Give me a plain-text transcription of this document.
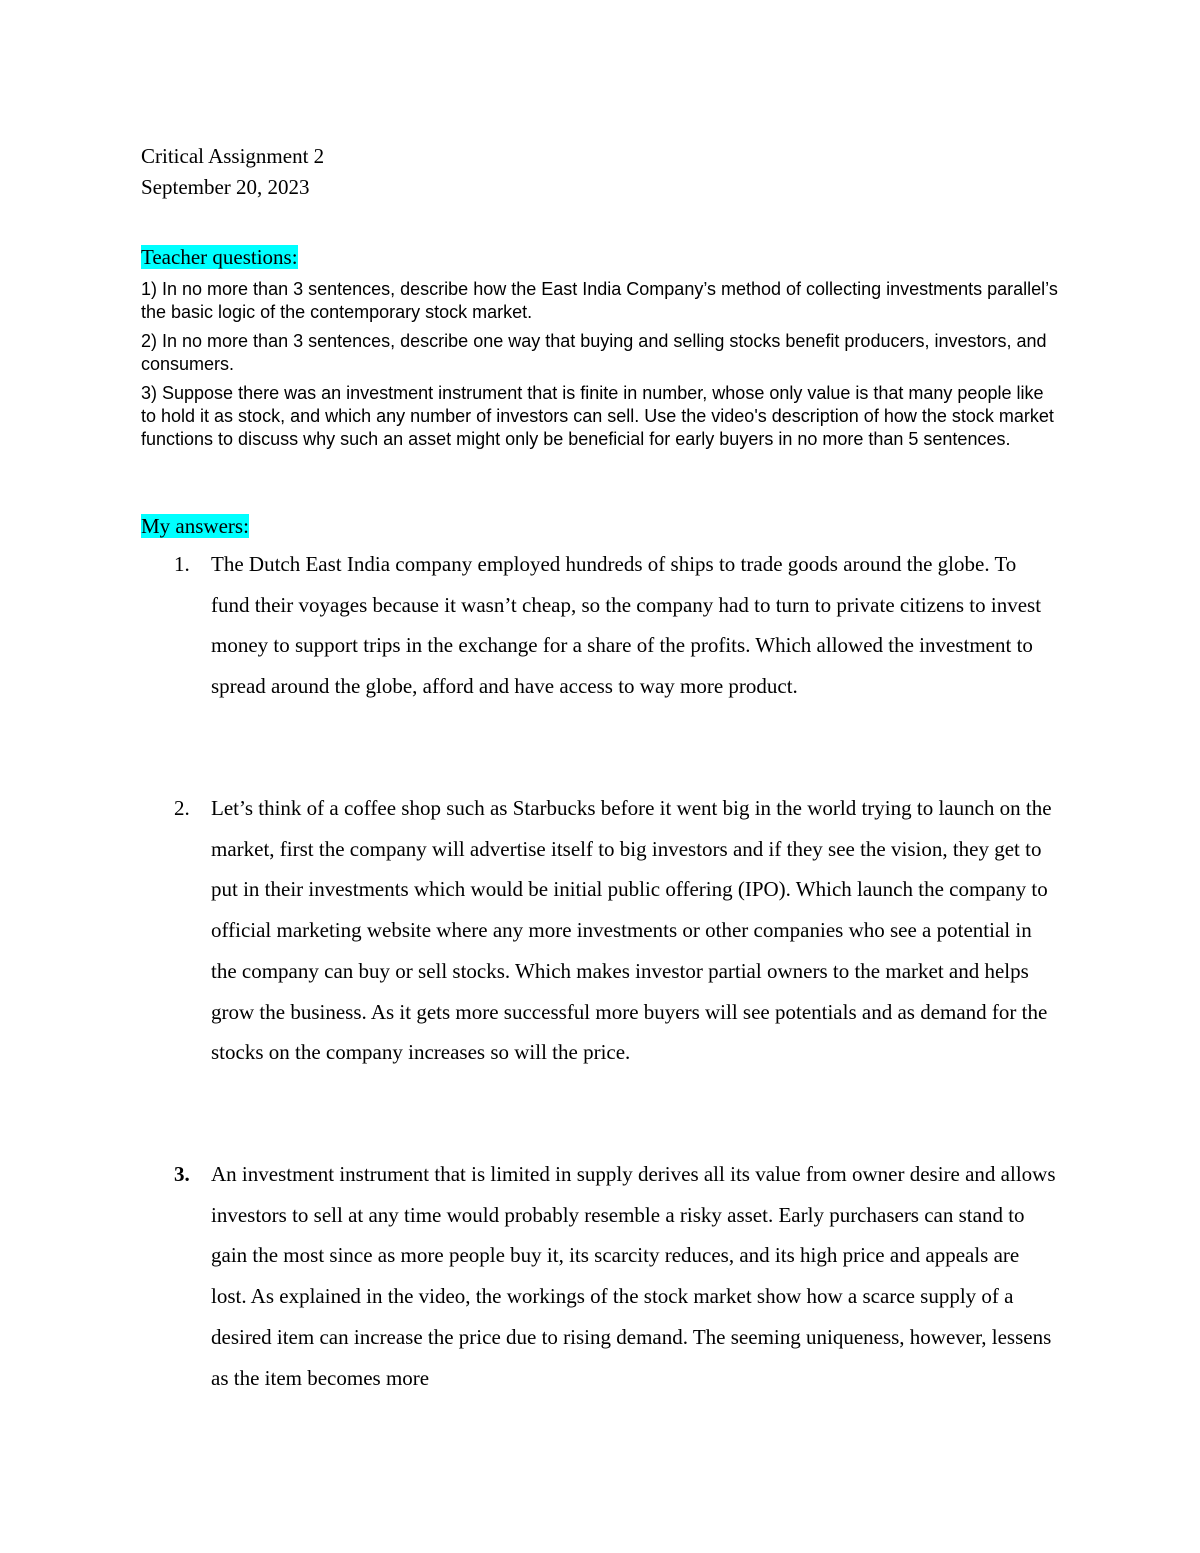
Critical Assignment 2
September 20, 2023
Teacher questions:
1) In no more than 3 sentences, describe how the East India Company’s method of collecting investments parallel’s the basic logic of the contemporary stock market.
2) In no more than 3 sentences, describe one way that buying and selling stocks benefit producers, investors, and consumers.
3) Suppose there was an investment instrument that is finite in number, whose only value is that many people like to hold it as stock, and which any number of investors can sell. Use the video's description of how the stock market functions to discuss why such an asset might only be beneficial for early buyers in no more than 5 sentences.
My answers:
1. The Dutch East India company employed hundreds of ships to trade goods around the globe. To fund their voyages because it wasn’t cheap, so the company had to turn to private citizens to invest money to support trips in the exchange for a share of the profits. Which allowed the investment to spread around the globe, afford and have access to way more product.
2. Let’s think of a coffee shop such as Starbucks before it went big in the world trying to launch on the market, first the company will advertise itself to big investors and if they see the vision, they get to put in their investments which would be initial public offering (IPO). Which launch the company to official marketing website where any more investments or other companies who see a potential in the company can buy or sell stocks. Which makes investor partial owners to the market and helps grow the business. As it gets more successful more buyers will see potentials and as demand for the stocks on the company increases so will the price.
3. An investment instrument that is limited in supply derives all its value from owner desire and allows investors to sell at any time would probably resemble a risky asset. Early purchasers can stand to gain the most since as more people buy it, its scarcity reduces, and its high price and appeals are lost. As explained in the video, the workings of the stock market show how a scarce supply of a desired item can increase the price due to rising demand. The seeming uniqueness, however, lessens as the item becomes more
